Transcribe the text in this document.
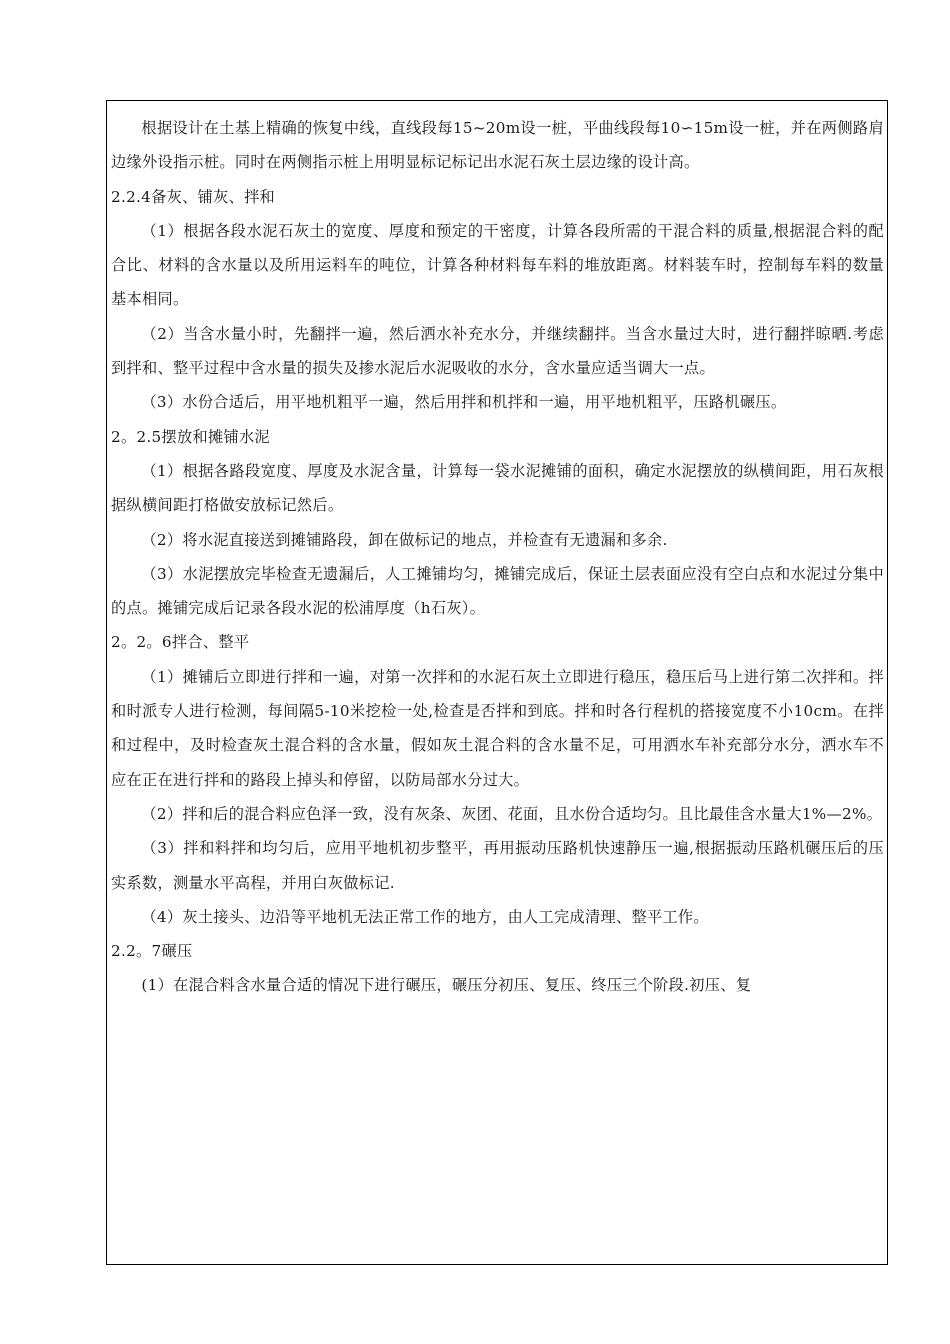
根据设计在土基上精确的恢复中线，直线段每15~20m设一桩，平曲线段每10∽15m设一桩，并在两侧路肩边缘外设指示桩。同时在两侧指示桩上用明显标记标记出水泥石灰土层边缘的设计高。

2.2.4备灰、铺灰、拌和

（1）根据各段水泥石灰土的宽度、厚度和预定的干密度，计算各段所需的干混合料的质量,根据混合料的配合比、材料的含水量以及所用运料车的吨位，计算各种材料每车料的堆放距离。材料装车时，控制每车料的数量基本相同。

（2）当含水量小时，先翻拌一遍，然后洒水补充水分，并继续翻拌。当含水量过大时，进行翻拌晾晒.考虑到拌和、整平过程中含水量的损失及掺水泥后水泥吸收的水分，含水量应适当调大一点。

（3）水份合适后，用平地机粗平一遍，然后用拌和机拌和一遍，用平地机粗平，压路机碾压。

2。2.5摆放和摊铺水泥

（1）根据各路段宽度、厚度及水泥含量，计算每一袋水泥摊铺的面积，确定水泥摆放的纵横间距，用石灰根据纵横间距打格做安放标记然后。

（2）将水泥直接送到摊铺路段，卸在做标记的地点，并检查有无遗漏和多余.

（3）水泥摆放完毕检查无遗漏后，人工摊铺均匀，摊铺完成后，保证土层表面应没有空白点和水泥过分集中的点。摊铺完成后记录各段水泥的松浦厚度（h石灰）。

2。2。6拌合、整平

（1）摊铺后立即进行拌和一遍，对第一次拌和的水泥石灰土立即进行稳压，稳压后马上进行第二次拌和。拌和时派专人进行检测，每间隔5-10米挖检一处,检查是否拌和到底。拌和时各行程机的搭接宽度不小10cm。在拌和过程中，及时检查灰土混合料的含水量，假如灰土混合料的含水量不足，可用洒水车补充部分水分，洒水车不应在正在进行拌和的路段上掉头和停留，以防局部水分过大。

（2）拌和后的混合料应色泽一致，没有灰条、灰团、花面，且水份合适均匀。且比最佳含水量大1%—2%。

（3）拌和料拌和均匀后，应用平地机初步整平，再用振动压路机快速静压一遍,根据振动压路机碾压后的压实系数，测量水平高程，并用白灰做标记.

（4）灰土接头、边沿等平地机无法正常工作的地方，由人工完成清理、整平工作。

2.2。7碾压

(1）在混合料含水量合适的情况下进行碾压，碾压分初压、复压、终压三个阶段.初压、复
